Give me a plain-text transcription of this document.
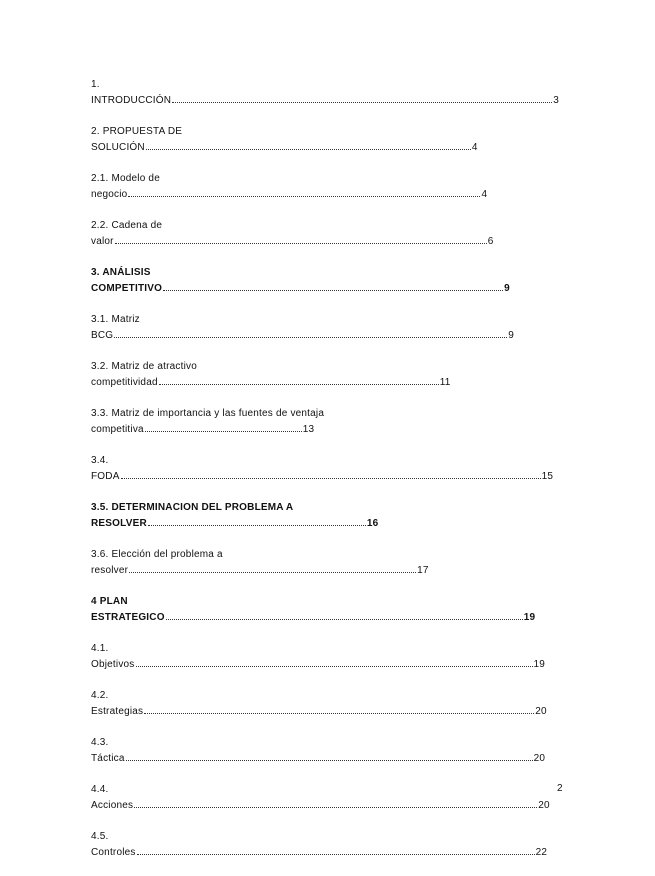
1.
INTRODUCCIÓN	3
2. PROPUESTA DE
SOLUCIÓN	4
2.1. Modelo de
negocio	4
2.2. Cadena de
valor	6
3. ANÁLISIS
COMPETITIVO	9
3.1. Matriz
BCG	9
3.2. Matriz de atractivo
competitividad	11
3.3. Matriz de importancia y las fuentes de ventaja
competitiva	13
3.4.
FODA	15
3.5. DETERMINACION DEL PROBLEMA A
RESOLVER	16
3.6. Elección del problema a
resolver	17
4 PLAN
ESTRATEGICO	19
4.1.
Objetivos	19
4.2.
Estrategias	20
4.3.
Táctica	20
4.4.
Acciones	20
4.5.
Controles	22
2
